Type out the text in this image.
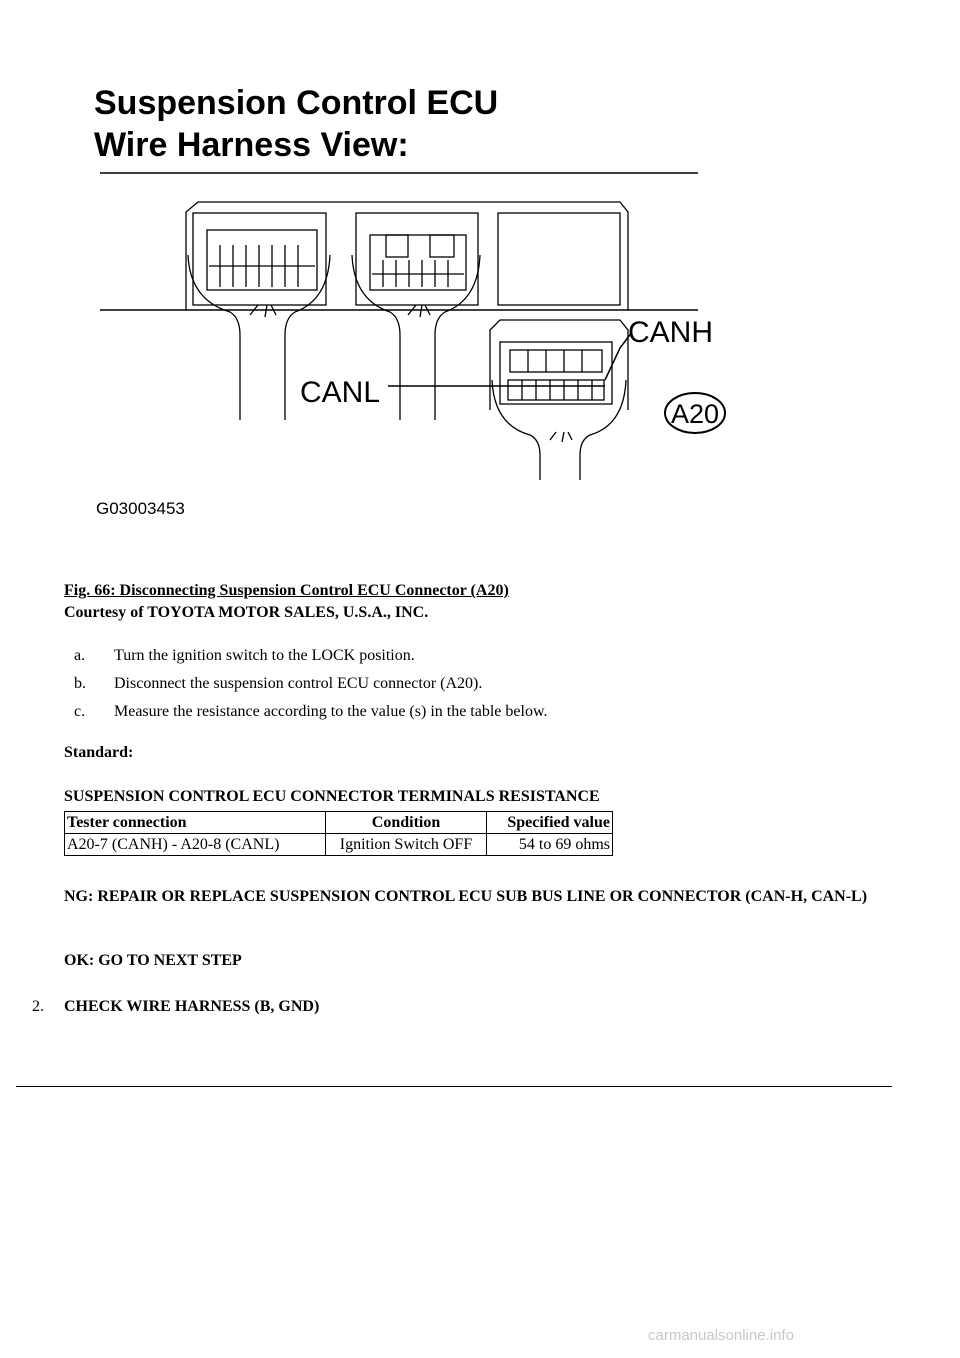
Suspension Control ECU
Wire Harness View:
CANH
CANL
A20
G03003453
Fig. 66: Disconnecting Suspension Control ECU Connector (A20)
Courtesy of TOYOTA MOTOR SALES, U.S.A., INC.
a. Turn the ignition switch to the LOCK position.
b. Disconnect the suspension control ECU connector (A20).
c. Measure the resistance according to the value (s) in the table below.
Standard:
SUSPENSION CONTROL ECU CONNECTOR TERMINALS RESISTANCE
Tester connection	Condition	Specified value
A20-7 (CANH) - A20-8 (CANL)	Ignition Switch OFF	54 to 69 ohms
NG: REPAIR OR REPLACE SUSPENSION CONTROL ECU SUB BUS LINE OR CONNECTOR (CAN-H, CAN-L)
OK: GO TO NEXT STEP
2. CHECK WIRE HARNESS (B, GND)
carmanualsonline.info
